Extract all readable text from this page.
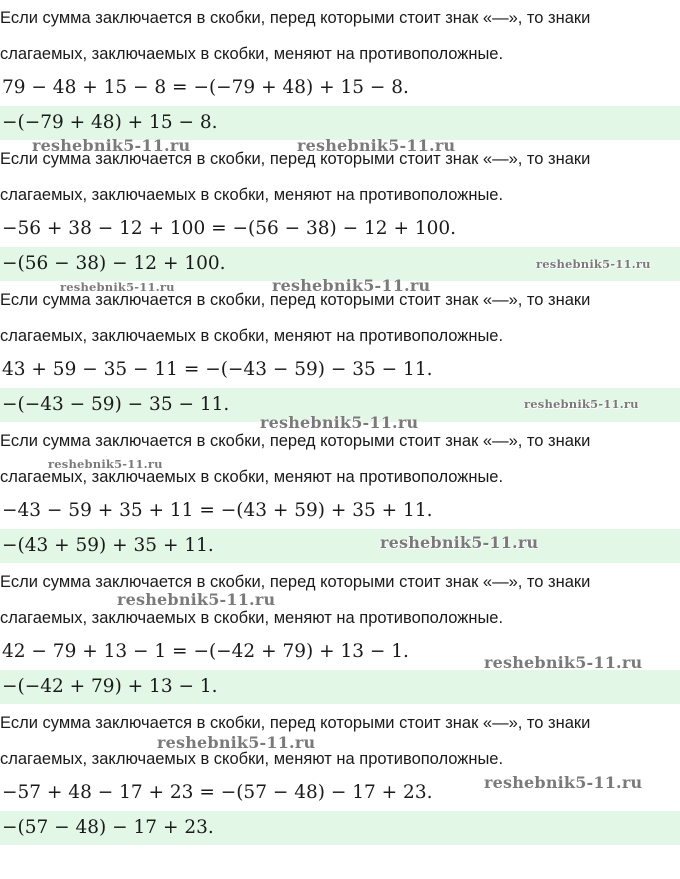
Если сумма заключается в скобки, перед которыми стоит знак «—», то знаки
слагаемых, заключаемых в скобки, меняют на противоположные.
79 − 48 + 15 − 8 = −(−79 + 48) + 15 − 8.
−(−79 + 48) + 15 − 8.
Если сумма заключается в скобки, перед которыми стоит знак «—», то знаки
слагаемых, заключаемых в скобки, меняют на противоположные.
−56 + 38 − 12 + 100 = −(56 − 38) − 12 + 100.
−(56 − 38) − 12 + 100.
Если сумма заключается в скобки, перед которыми стоит знак «—», то знаки
слагаемых, заключаемых в скобки, меняют на противоположные.
43 + 59 − 35 − 11 = −(−43 − 59) − 35 − 11.
−(−43 − 59) − 35 − 11.
Если сумма заключается в скобки, перед которыми стоит знак «—», то знаки
слагаемых, заключаемых в скобки, меняют на противоположные.
−43 − 59 + 35 + 11 = −(43 + 59) + 35 + 11.
−(43 + 59) + 35 + 11.
Если сумма заключается в скобки, перед которыми стоит знак «—», то знаки
слагаемых, заключаемых в скобки, меняют на противоположные.
42 − 79 + 13 − 1 = −(−42 + 79) + 13 − 1.
−(−42 + 79) + 13 − 1.
Если сумма заключается в скобки, перед которыми стоит знак «—», то знаки
слагаемых, заключаемых в скобки, меняют на противоположные.
−57 + 48 − 17 + 23 = −(57 − 48) − 17 + 23.
−(57 − 48) − 17 + 23.
reshebnik5-11.ru	reshebnik5-11.ru
reshebnik5-11.ru
reshebnik5-11.ru	reshebnik5-11.ru
reshebnik5-11.ru
reshebnik5-11.ru
reshebnik5-11.ru
reshebnik5-11.ru
reshebnik5-11.ru
reshebnik5-11.ru
reshebnik5-11.ru
reshebnik5-11.ru
